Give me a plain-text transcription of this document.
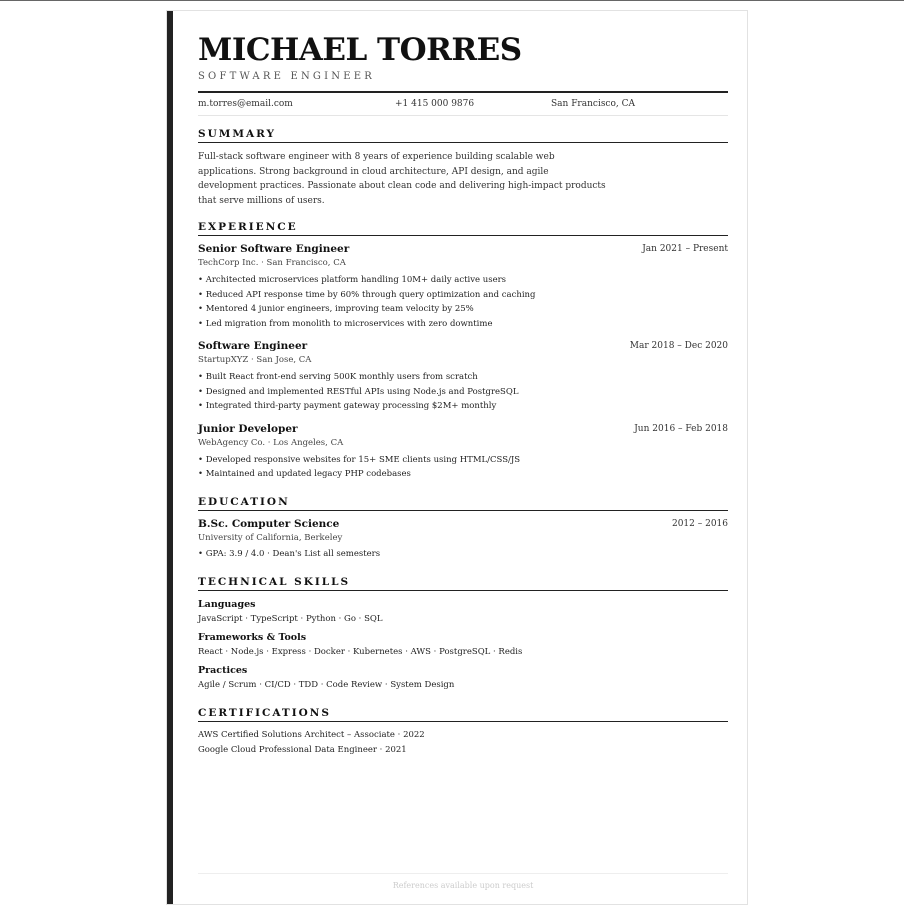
MICHAEL TORRES
SOFTWARE ENGINEER
m.torres@email.com	+1 415 000 9876	San Francisco, CA
SUMMARY
Full-stack software engineer with 8 years of experience building scalable web applications. Strong background in cloud architecture, API design, and agile development practices. Passionate about clean code and delivering high-impact products that serve millions of users.
EXPERIENCE
Senior Software Engineer	Jan 2021 – Present
TechCorp Inc. · San Francisco, CA
• Architected microservices platform handling 10M+ daily active users
• Reduced API response time by 60% through query optimization and caching
• Mentored 4 junior engineers, improving team velocity by 25%
• Led migration from monolith to microservices with zero downtime
Software Engineer	Mar 2018 – Dec 2020
StartupXYZ · San Jose, CA
• Built React front-end serving 500K monthly users from scratch
• Designed and implemented RESTful APIs using Node.js and PostgreSQL
• Integrated third-party payment gateway processing $2M+ monthly
Junior Developer	Jun 2016 – Feb 2018
WebAgency Co. · Los Angeles, CA
• Developed responsive websites for 15+ SME clients using HTML/CSS/JS
• Maintained and updated legacy PHP codebases
EDUCATION
B.Sc. Computer Science	2012 – 2016
University of California, Berkeley
• GPA: 3.9 / 4.0 · Dean's List all semesters
TECHNICAL SKILLS
Languages
JavaScript · TypeScript · Python · Go · SQL
Frameworks & Tools
React · Node.js · Express · Docker · Kubernetes · AWS · PostgreSQL · Redis
Practices
Agile / Scrum · CI/CD · TDD · Code Review · System Design
CERTIFICATIONS
AWS Certified Solutions Architect – Associate · 2022
Google Cloud Professional Data Engineer · 2021
References available upon request
